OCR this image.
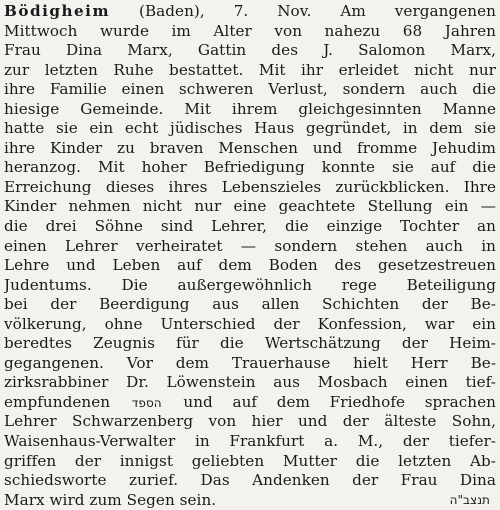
Bödigheim (Baden), 7. Nov. Am vergangenen
Mittwoch wurde im Alter von nahezu 68 Jahren
Frau Dina Marx, Gattin des J. Salomon Marx,
zur letzten Ruhe bestattet. Mit ihr erleidet nicht nur
ihre Familie einen schweren Verlust, sondern auch die
hiesige Gemeinde. Mit ihrem gleichgesinnten Manne
hatte sie ein echt jüdisches Haus gegründet, in dem sie
ihre Kinder zu braven Menschen und fromme Jehudim
heranzog. Mit hoher Befriedigung konnte sie auf die
Erreichung dieses ihres Lebenszieles zurückblicken. Ihre
Kinder nehmen nicht nur eine geachtete Stellung ein —
die drei Söhne sind Lehrer, die einzige Tochter an
einen Lehrer verheiratet — sondern stehen auch in
Lehre und Leben auf dem Boden des gesetzestreuen
Judentums. Die außergewöhnlich rege Beteiligung
bei der Beerdigung aus allen Schichten der Be-
völkerung, ohne Unterschied der Konfession, war ein
beredtes Zeugnis für die Wertschätzung der Heim-
gegangenen. Vor dem Trauerhause hielt Herr Be-
zirksrabbiner Dr. Löwenstein aus Mosbach einen tief-
empfundenen הספד und auf dem Friedhofe sprachen
Lehrer Schwarzenberg von hier und der älteste Sohn,
Waisenhaus-Verwalter in Frankfurt a. M., der tiefer-
griffen der innigst geliebten Mutter die letzten Ab-
schiedsworte zurief. Das Andenken der Frau Dina
Marx wird zum Segen sein.	תנצב"ה
